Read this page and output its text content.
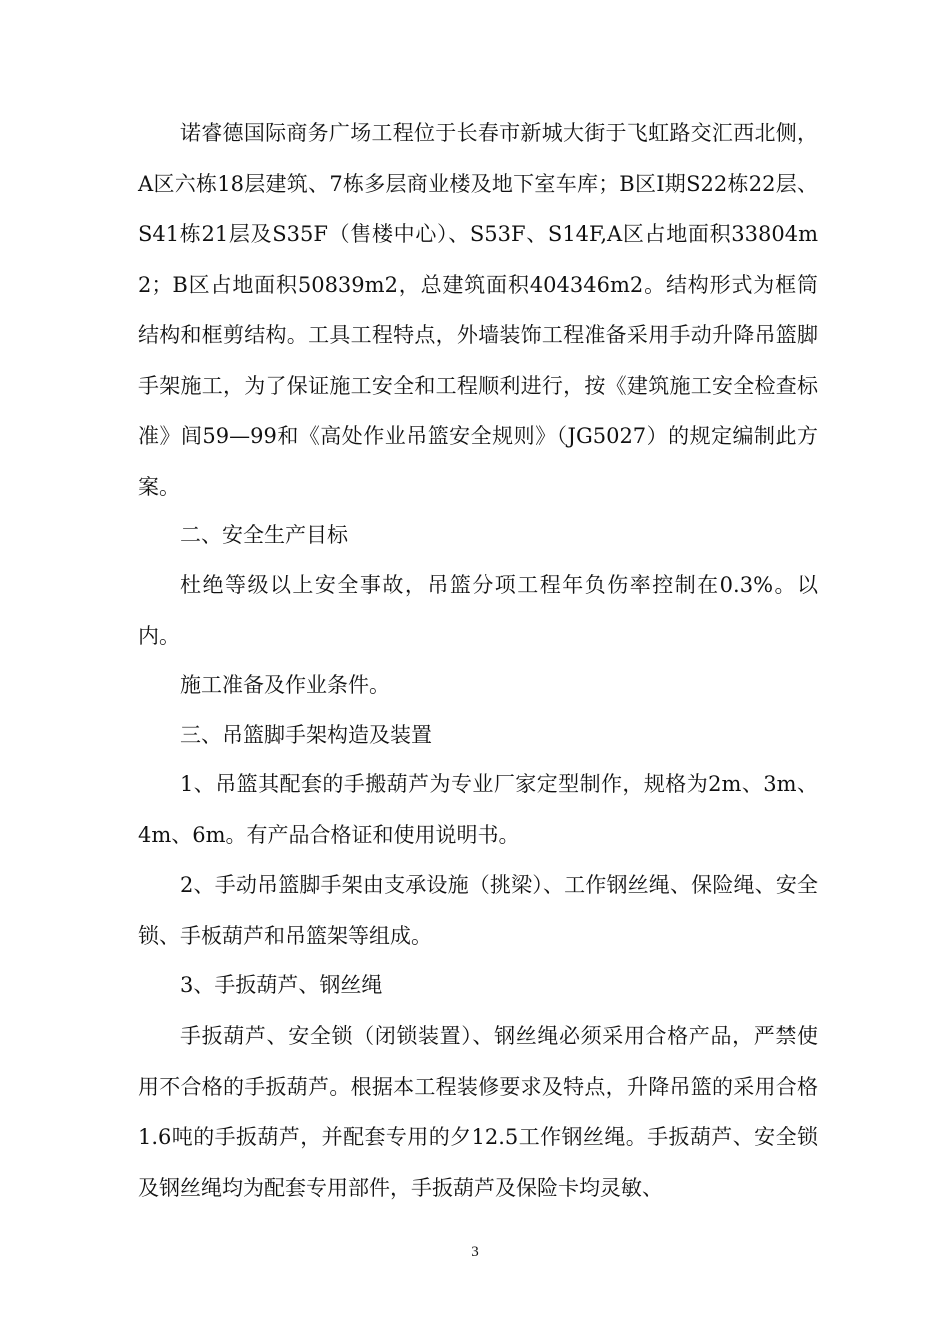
诺睿德国际商务广场工程位于长春市新城大街于飞虹路交汇西北侧，A区六栋18层建筑、7栋多层商业楼及地下室车库；B区I期S22栋22层、S41栋21层及S35F（售楼中心）、S53F、S14F,A区占地面积33804m2；B区占地面积50839m2，总建筑面积404346m2。结构形式为框筒结构和框剪结构。工具工程特点，外墙装饰工程准备采用手动升降吊篮脚手架施工，为了保证施工安全和工程顺利进行，按《建筑施工安全检查标准》闾59—99和《高处作业吊篮安全规则》（JG5027）的规定编制此方案。

二、安全生产目标

杜绝等级以上安全事故，吊篮分项工程年负伤率控制在0.3%。以内。

施工准备及作业条件。

三、吊篮脚手架构造及装置

1、吊篮其配套的手搬葫芦为专业厂家定型制作，规格为2m、3m、4m、6m。有产品合格证和使用说明书。

2、手动吊篮脚手架由支承设施（挑梁）、工作钢丝绳、保险绳、安全锁、手板葫芦和吊篮架等组成。

3、手扳葫芦、钢丝绳

手扳葫芦、安全锁（闭锁装置）、钢丝绳必须采用合格产品，严禁使用不合格的手扳葫芦。根据本工程装修要求及特点，升降吊篮的采用合格1.6吨的手扳葫芦，并配套专用的夕12.5工作钢丝绳。手扳葫芦、安全锁及钢丝绳均为配套专用部件，手扳葫芦及保险卡均灵敏、

3
